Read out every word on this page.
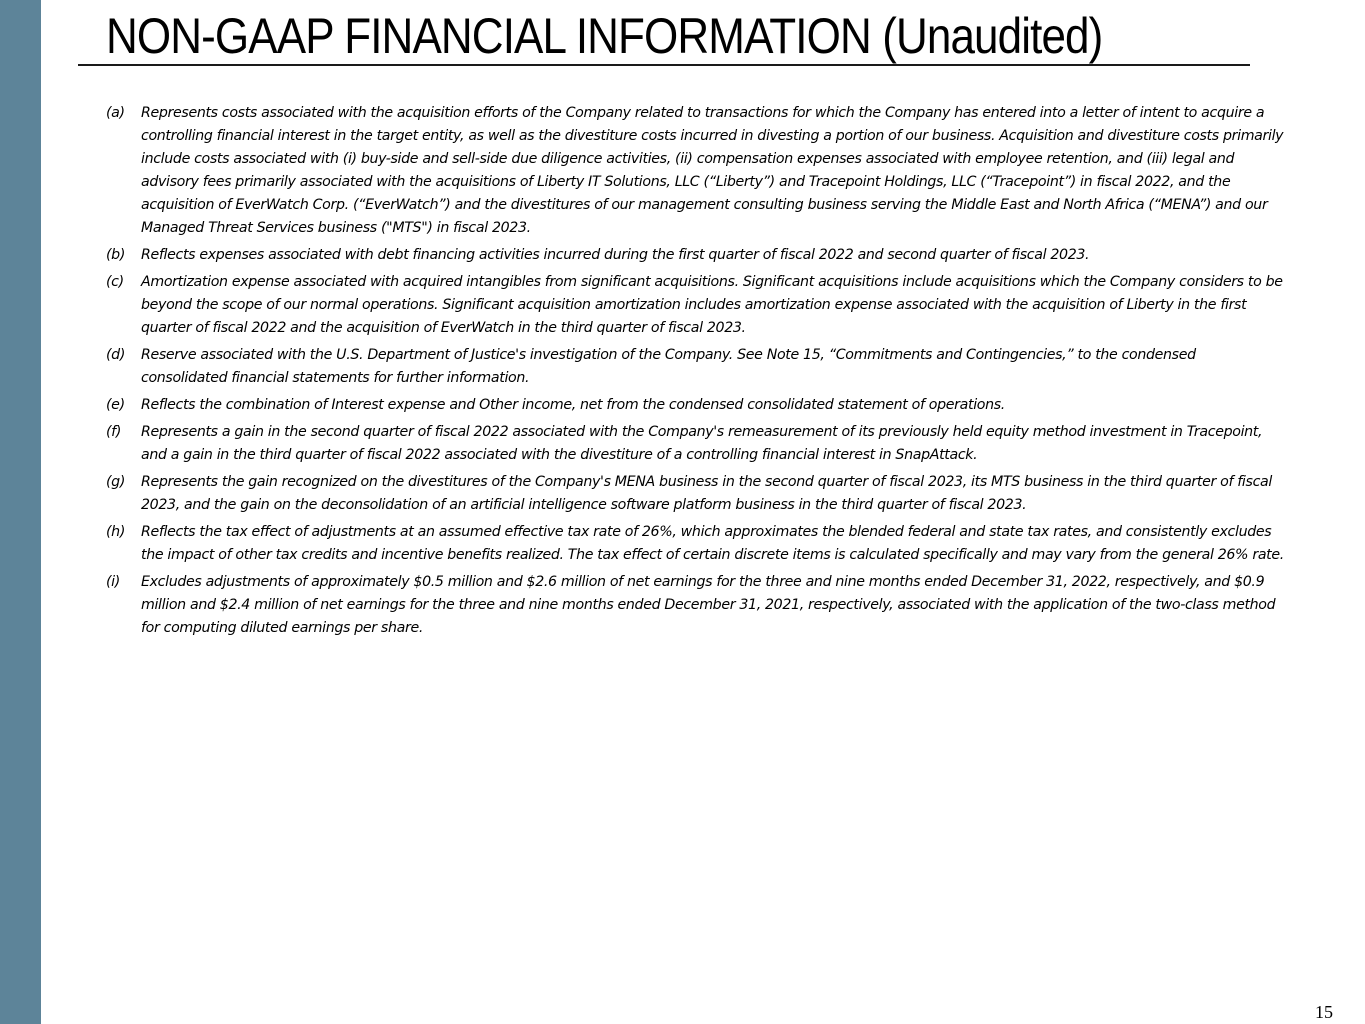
NON-GAAP FINANCIAL INFORMATION (Unaudited)
(a)	Represents costs associated with the acquisition efforts of the Company related to transactions for which the Company has entered into a letter of intent to acquire a controlling financial interest in the target entity, as well as the divestiture costs incurred in divesting a portion of our business. Acquisition and divestiture costs primarily include costs associated with (i) buy-side and sell-side due diligence activities, (ii) compensation expenses associated with employee retention, and (iii) legal and advisory fees primarily associated with the acquisitions of Liberty IT Solutions, LLC (“Liberty”) and Tracepoint Holdings, LLC (“Tracepoint”) in fiscal 2022, and the acquisition of EverWatch Corp. (“EverWatch”) and the divestitures of our management consulting business serving the Middle East and North Africa (“MENA”) and our Managed Threat Services business ("MTS") in fiscal 2023.
(b)	Reflects expenses associated with debt financing activities incurred during the first quarter of fiscal 2022 and second quarter of fiscal 2023.
(c)	Amortization expense associated with acquired intangibles from significant acquisitions. Significant acquisitions include acquisitions which the Company considers to be beyond the scope of our normal operations. Significant acquisition amortization includes amortization expense associated with the acquisition of Liberty in the first quarter of fiscal 2022 and the acquisition of EverWatch in the third quarter of fiscal 2023.
(d)	Reserve associated with the U.S. Department of Justice's investigation of the Company. See Note 15, “Commitments and Contingencies,” to the condensed consolidated financial statements for further information.
(e)	Reflects the combination of Interest expense and Other income, net from the condensed consolidated statement of operations.
(f)	Represents a gain in the second quarter of fiscal 2022 associated with the Company's remeasurement of its previously held equity method investment in Tracepoint, and a gain in the third quarter of fiscal 2022 associated with the divestiture of a controlling financial interest in SnapAttack.
(g)	Represents the gain recognized on the divestitures of the Company's MENA business in the second quarter of fiscal 2023, its MTS business in the third quarter of fiscal 2023, and the gain on the deconsolidation of an artificial intelligence software platform business in the third quarter of fiscal 2023.
(h)	Reflects the tax effect of adjustments at an assumed effective tax rate of 26%, which approximates the blended federal and state tax rates, and consistently excludes the impact of other tax credits and incentive benefits realized. The tax effect of certain discrete items is calculated specifically and may vary from the general 26% rate.
(i)	Excludes adjustments of approximately $0.5 million and $2.6 million of net earnings for the three and nine months ended December 31, 2022, respectively, and $0.9 million and $2.4 million of net earnings for the three and nine months ended December 31, 2021, respectively, associated with the application of the two-class method for computing diluted earnings per share.
15
